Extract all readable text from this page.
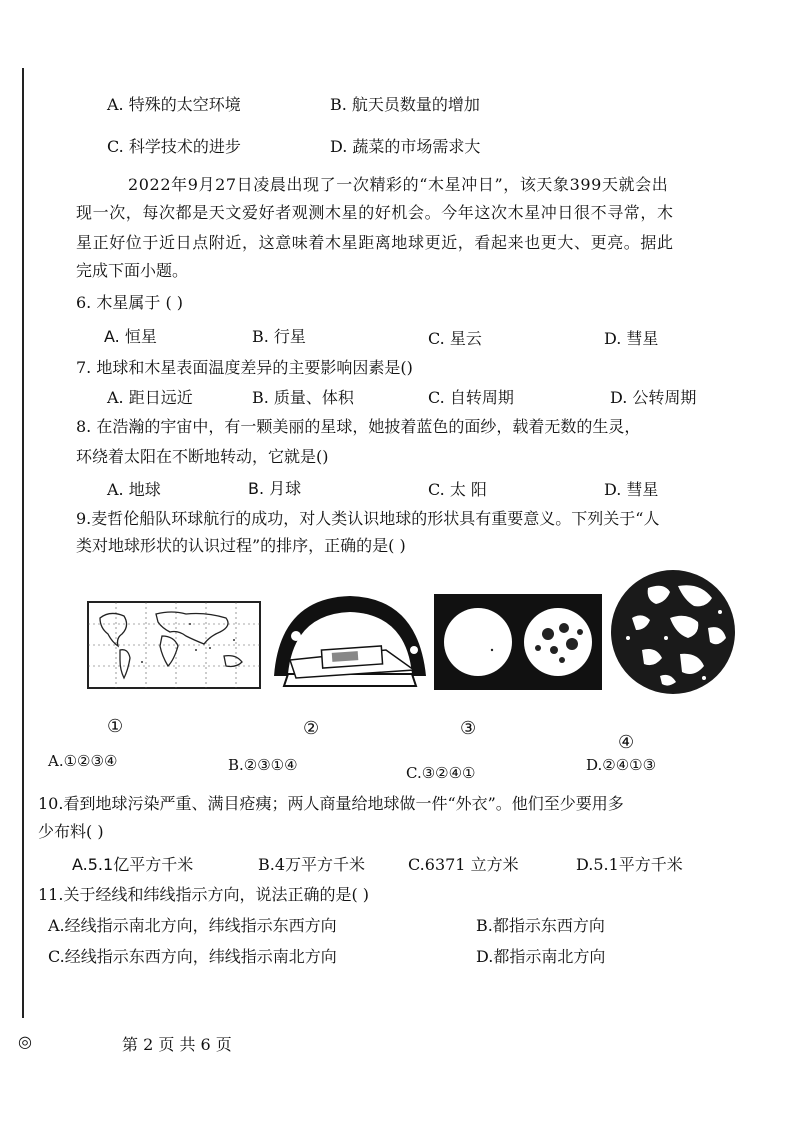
A. 特殊的太空环境	B. 航天员数量的增加
C. 科学技术的进步	D. 蔬菜的市场需求大
2022年9月27日凌晨出现了一次精彩的“木星冲日”，该天象399天就会出
现一次，每次都是天文爱好者观测木星的好机会。今年这次木星冲日很不寻常，木
星正好位于近日点附近，这意味着木星距离地球更近，看起来也更大、更亮。据此
完成下面小题。
6. 木星属于 ( )
A. 恒星	B. 行星	C. 星云	D. 彗星
7. 地球和木星表面温度差异的主要影响因素是()
A. 距日远近	B. 质量、体积	C. 自转周期	D. 公转周期
8. 在浩瀚的宇宙中，有一颗美丽的星球，她披着蓝色的面纱，载着无数的生灵，
环绕着太阳在不断地转动，它就是()
A. 地球	B. 月球	C. 太 阳	D. 彗星
9.麦哲伦船队环球航行的成功，对人类认识地球的形状具有重要意义。下列关于“人
类对地球形状的认识过程”的排序，正确的是( )
①	②	③
④
A.①②③④	B.②③①④	C.③②④①	D.②④①③
10.看到地球污染严重、满目疮痍；两人商量给地球做一件“外衣”。他们至少要用多
少布料( )
A.5.1亿平方千米	B.4万平方千米	C.6371 立方米	D.5.1平方千米
11.关于经线和纬线指示方向，说法正确的是( )
A.经线指示南北方向，纬线指示东西方向	B.都指示东西方向
C.经线指示东西方向，纬线指示南北方向	D.都指示南北方向
◎	第 2 页 共 6 页
